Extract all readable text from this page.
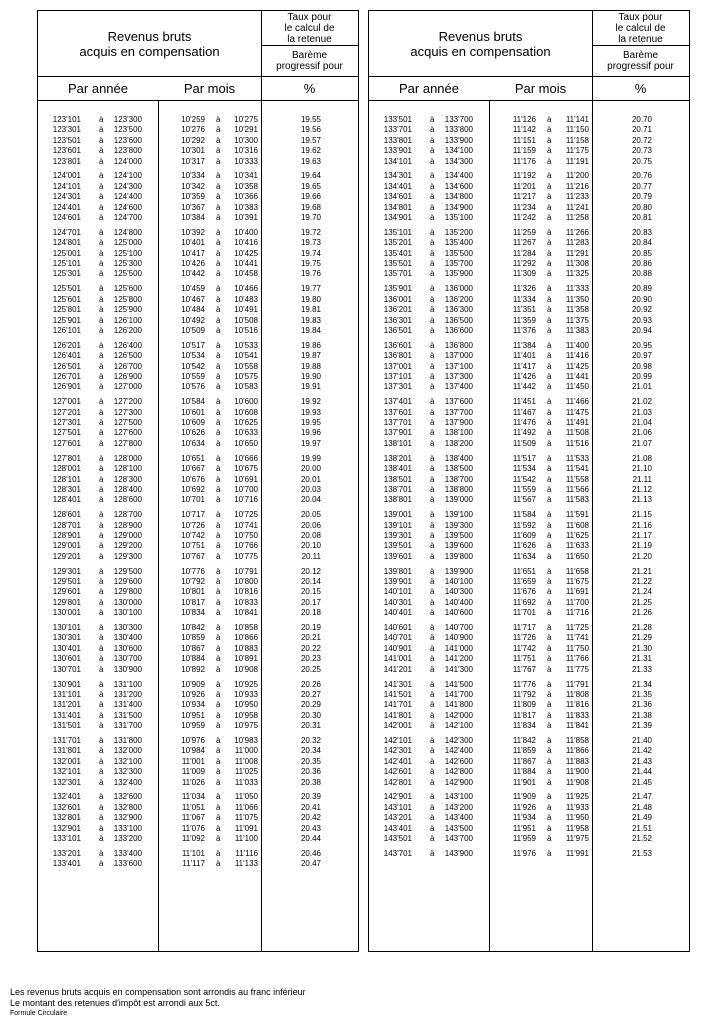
Revenus bruts
acquis en compensation
Taux pour
le calcul de
la retenue
Barème
progressif pour
Par année	Par mois	%
123'101 à 123'300	10'259 à 10'275	19.55
123'301 à 123'500	10'276 à 10'291	19.56
123'501 à 123'600	10'292 à 10'300	19.57
123'601 à 123'800	10'301 à 10'316	19.62
123'801 à 124'000	10'317 à 10'333	19.63
124'001 à 124'100	10'334 à 10'341	19.64
124'101 à 124'300	10'342 à 10'358	19.65
124'301 à 124'400	10'359 à 10'366	19.66
124'401 à 124'600	10'367 à 10'383	19.68
124'601 à 124'700	10'384 à 10'391	19.70
124'701 à 124'800	10'392 à 10'400	19.72
124'801 à 125'000	10'401 à 10'416	19.73
125'001 à 125'100	10'417 à 10'425	19.74
125'101 à 125'300	10'426 à 10'441	19.75
125'301 à 125'500	10'442 à 10'458	19.76
125'501 à 125'600	10'459 à 10'466	19.77
125'601 à 125'800	10'467 à 10'483	19.80
125'801 à 125'900	10'484 à 10'491	19.81
125'901 à 126'100	10'492 à 10'508	19.83
126'101 à 126'200	10'509 à 10'516	19.84
126'201 à 126'400	10'517 à 10'533	19.86
126'401 à 126'500	10'534 à 10'541	19.87
126'501 à 126'700	10'542 à 10'558	19.88
126'701 à 126'900	10'559 à 10'575	19.90
126'901 à 127'000	10'576 à 10'583	19.91
127'001 à 127'200	10'584 à 10'600	19.92
127'201 à 127'300	10'601 à 10'608	19.93
127'301 à 127'500	10'609 à 10'625	19.95
127'501 à 127'600	10'626 à 10'633	19.96
127'601 à 127'800	10'634 à 10'650	19.97
127'801 à 128'000	10'651 à 10'666	19.99
128'001 à 128'100	10'667 à 10'675	20.00
128'101 à 128'300	10'676 à 10'691	20.01
128'301 à 128'400	10'692 à 10'700	20.03
128'401 à 128'600	10'701 à 10'716	20.04
128'601 à 128'700	10'717 à 10'725	20.05
128'701 à 128'900	10'726 à 10'741	20.06
128'901 à 129'000	10'742 à 10'750	20.08
129'001 à 129'200	10'751 à 10'766	20.10
129'201 à 129'300	10'767 à 10'775	20.11
129'301 à 129'500	10'776 à 10'791	20.12
129'501 à 129'600	10'792 à 10'800	20.14
129'601 à 129'800	10'801 à 10'816	20.15
129'801 à 130'000	10'817 à 10'833	20.17
130'001 à 130'100	10'834 à 10'841	20.18
130'101 à 130'300	10'842 à 10'858	20.19
130'301 à 130'400	10'859 à 10'866	20.21
130'401 à 130'600	10'867 à 10'883	20.22
130'601 à 130'700	10'884 à 10'891	20.23
130'701 à 130'900	10'892 à 10'908	20.25
130'901 à 131'100	10'909 à 10'925	20.26
131'101 à 131'200	10'926 à 10'933	20.27
131'201 à 131'400	10'934 à 10'950	20.29
131'401 à 131'500	10'951 à 10'958	20.30
131'501 à 131'700	10'959 à 10'975	20.31
131'701 à 131'800	10'976 à 10'983	20.32
131'801 à 132'000	10'984 à 11'000	20.34
132'001 à 132'100	11'001 à 11'008	20.35
132'101 à 132'300	11'009 à 11'025	20.36
132'301 à 132'400	11'026 à 11'033	20.38
132'401 à 132'600	11'034 à 11'050	20.39
132'601 à 132'800	11'051 à 11'066	20.41
132'801 à 132'900	11'067 à 11'075	20.42
132'901 à 133'100	11'076 à 11'091	20.43
133'101 à 133'200	11'092 à 11'100	20.44
133'201 à 133'400	11'101 à 11'116	20.46
133'401 à 133'600	11'117 à 11'133	20.47
Revenus bruts
acquis en compensation
Taux pour
le calcul de
la retenue
Barème
progressif pour
Par année	Par mois	%
133'501 à 133'700	11'126 à 11'141	20.70
133'701 à 133'800	11'142 à 11'150	20.71
133'801 à 133'900	11'151 à 11'158	20.72
133'901 à 134'100	11'159 à 11'175	20.73
134'101 à 134'300	11'176 à 11'191	20.75
134'301 à 134'400	11'192 à 11'200	20.76
134'401 à 134'600	11'201 à 11'216	20.77
134'601 à 134'800	11'217 à 11'233	20.79
134'801 à 134'900	11'234 à 11'241	20.80
134'901 à 135'100	11'242 à 11'258	20.81
135'101 à 135'200	11'259 à 11'266	20.83
135'201 à 135'400	11'267 à 11'283	20.84
135'401 à 135'500	11'284 à 11'291	20.85
135'501 à 135'700	11'292 à 11'308	20.86
135'701 à 135'900	11'309 à 11'325	20.88
135'901 à 136'000	11'326 à 11'333	20.89
136'001 à 136'200	11'334 à 11'350	20.90
136'201 à 136'300	11'351 à 11'358	20.92
136'301 à 136'500	11'359 à 11'375	20.93
136'501 à 136'600	11'376 à 11'383	20.94
136'601 à 136'800	11'384 à 11'400	20.95
136'801 à 137'000	11'401 à 11'416	20.97
137'001 à 137'100	11'417 à 11'425	20.98
137'101 à 137'300	11'426 à 11'441	20.99
137'301 à 137'400	11'442 à 11'450	21.01
137'401 à 137'600	11'451 à 11'466	21.02
137'601 à 137'700	11'467 à 11'475	21.03
137'701 à 137'900	11'476 à 11'491	21.04
137'901 à 138'100	11'492 à 11'508	21.06
138'101 à 138'200	11'509 à 11'516	21.07
138'201 à 138'400	11'517 à 11'533	21.08
138'401 à 138'500	11'534 à 11'541	21.10
138'501 à 138'700	11'542 à 11'558	21.11
138'701 à 138'800	11'559 à 11'566	21.12
138'801 à 139'000	11'567 à 11'583	21.13
139'001 à 139'100	11'584 à 11'591	21.15
139'101 à 139'300	11'592 à 11'608	21.16
139'301 à 139'500	11'609 à 11'625	21.17
139'501 à 139'600	11'626 à 11'633	21.19
139'601 à 139'800	11'634 à 11'650	21.20
139'801 à 139'900	11'651 à 11'658	21.21
139'901 à 140'100	11'659 à 11'675	21.22
140'101 à 140'300	11'676 à 11'691	21.24
140'301 à 140'400	11'692 à 11'700	21.25
140'401 à 140'600	11'701 à 11'716	21.26
140'601 à 140'700	11'717 à 11'725	21.28
140'701 à 140'900	11'726 à 11'741	21.29
140'901 à 141'000	11'742 à 11'750	21.30
141'001 à 141'200	11'751 à 11'766	21.31
141'201 à 141'300	11'767 à 11'775	21.33
141'301 à 141'500	11'776 à 11'791	21.34
141'501 à 141'700	11'792 à 11'808	21.35
141'701 à 141'800	11'809 à 11'816	21.36
141'801 à 142'000	11'817 à 11'833	21.38
142'001 à 142'100	11'834 à 11'841	21.39
142'101 à 142'300	11'842 à 11'858	21.40
142'301 à 142'400	11'859 à 11'866	21.42
142'401 à 142'600	11'867 à 11'883	21.43
142'601 à 142'800	11'884 à 11'900	21.44
142'801 à 142'900	11'901 à 11'908	21.45
142'901 à 143'100	11'909 à 11'925	21.47
143'101 à 143'200	11'926 à 11'933	21.48
143'201 à 143'400	11'934 à 11'950	21.49
143'401 à 143'500	11'951 à 11'958	21.51
143'501 à 143'700	11'959 à 11'975	21.52
143'701 à 143'900	11'976 à 11'991	21.53
Les revenus bruts acquis en compensation sont arrondis au franc inférieur
Le montant des retenues d'impôt est arrondi aux 5ct.
Formule Circulaire
